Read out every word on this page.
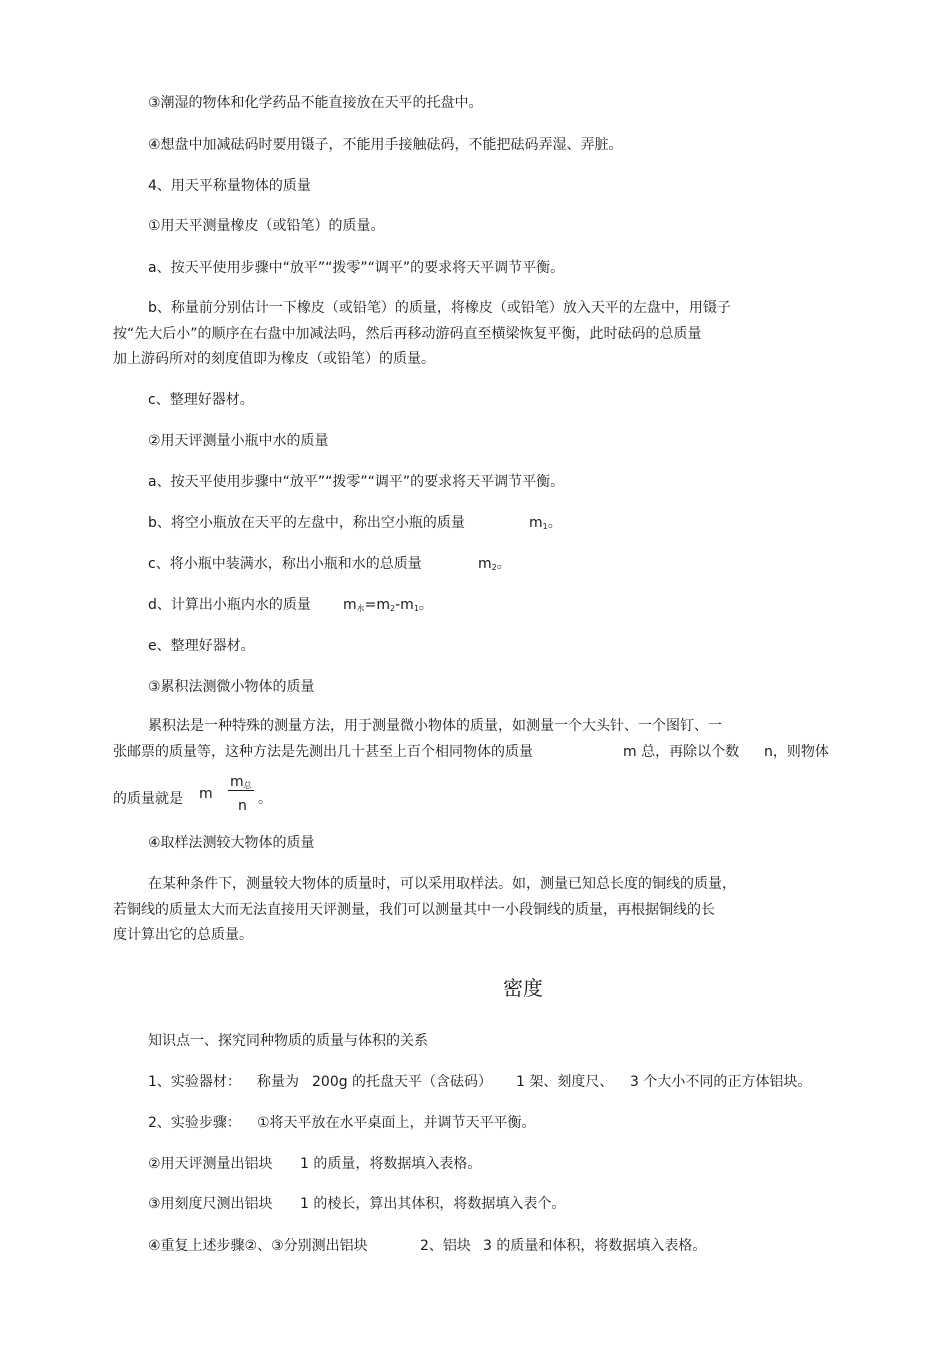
③潮湿的物体和化学药品不能直接放在天平的托盘中。
④想盘中加减砝码时要用镊子，不能用手接触砝码，不能把砝码弄湿、弄脏。
4、用天平称量物体的质量
①用天平测量橡皮（或铅笔）的质量。
a、按天平使用步骤中“放平”“拨零”“调平”的要求将天平调节平衡。
b、称量前分别估计一下橡皮（或铅笔）的质量，将橡皮（或铅笔）放入天平的左盘中，用镊子
按“先大后小”的顺序在右盘中加减法吗，然后再移动游码直至横梁恢复平衡，此时砝码的总质量
加上游码所对的刻度值即为橡皮（或铅笔）的质量。
c、整理好器材。
②用天评测量小瓶中水的质量
a、按天平使用步骤中“放平”“拨零”“调平”的要求将天平调节平衡。
b、将空小瓶放在天平的左盘中，称出空小瓶的质量	$m_1$。
c、将小瓶中装满水，称出小瓶和水的总质量	$m_2$。
d、计算出小瓶内水的质量 $m_水=m_2-m_1$。
e、整理好器材。
③累积法测微小物体的质量
累积法是一种特殊的测量方法，用于测量微小物体的质量，如测量一个大头针、一个图钉、一
张邮票的质量等，这种方法是先测出几十甚至上百个相同物体的质量	m 总，再除以个数 n，则物体
的质量就是 m
$m_总$
n 。
④取样法测较大物体的质量
在某种条件下，测量较大物体的质量时，可以采用取样法。如，测量已知总长度的铜线的质量，
若铜线的质量太大而无法直接用天评测量，我们可以测量其中一小段铜线的质量，再根据铜线的长
度计算出它的总质量。
密度
知识点一、探究同种物质的质量与体积的关系
1、实验器材： 称量为 200g 的托盘天平（含砝码） 1 架、刻度尺、 3 个大小不同的正方体铝块。
2、实验步骤： ①将天平放在水平桌面上，并调节天平平衡。
②用天评测量出铝块 1 的质量，将数据填入表格。
③用刻度尺测出铝块 1 的棱长，算出其体积，将数据填入表个。
④重复上述步骤②、③分别测出铝块	2、铝块 3 的质量和体积，将数据填入表格。
